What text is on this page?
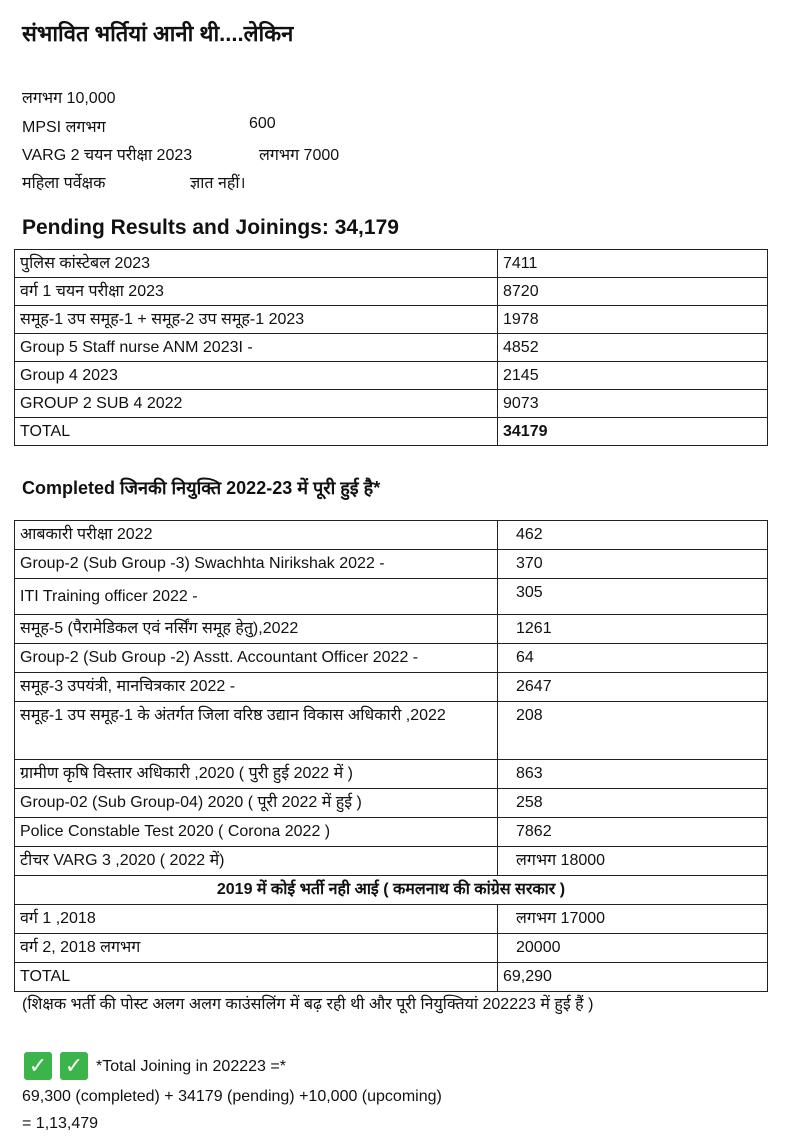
संभावित भर्तियां आनी थी....लेकिन
लगभग 10,000
MPSI लगभग	600
VARG 2 चयन परीक्षा 2023	लगभग 7000
महिला पर्वेक्षक	ज्ञात नहीं।
Pending Results and Joinings: 34,179
पुलिस कांस्टेबल 2023	7411
वर्ग 1 चयन परीक्षा 2023	8720
समूह-1 उप समूह-1 + समूह-2 उप समूह-1 2023	1978
Group 5 Staff nurse ANM 2023I -	4852
Group 4 2023	2145
GROUP 2 SUB 4 2022	9073
TOTAL	34179
Completed जिनकी नियुक्ति 2022-23 में पूरी हुई है*
आबकारी परीक्षा 2022	462
Group-2 (Sub Group -3) Swachhta Nirikshak 2022 -	370
ITI Training officer 2022 -	305
समूह-5 (पैरामेडिकल एवं नर्सिंग समूह हेतु),2022	1261
Group-2 (Sub Group -2) Asstt. Accountant Officer 2022 -	64
समूह-3 उपयंत्री, मानचित्रकार 2022 -	2647
समूह-1 उप समूह-1 के अंतर्गत जिला वरिष्ठ उद्यान विकास अधिकारी ,2022	208
ग्रामीण कृषि विस्तार अधिकारी ,2020 ( पुरी हुई 2022 में )	863
Group-02 (Sub Group-04) 2020 ( पूरी 2022 में हुई )	258
Police Constable Test 2020 ( Corona 2022 )	7862
टीचर VARG 3 ,2020 ( 2022 में)	लगभग 18000
2019 में कोई भर्ती नही आई ( कमलनाथ की कांग्रेस सरकार )	
वर्ग 1 ,2018	लगभग 17000
वर्ग 2, 2018 लगभग	20000
TOTAL	69,290
(शिक्षक भर्ती की पोस्ट अलग अलग काउंसलिंग में बढ़ रही थी और पूरी नियुक्तियां 202223 में हुई हैं )
✓ ✓ *Total Joining in 202223 =*
69,300 (completed) + 34179 (pending) +10,000 (upcoming)
= 1,13,479
